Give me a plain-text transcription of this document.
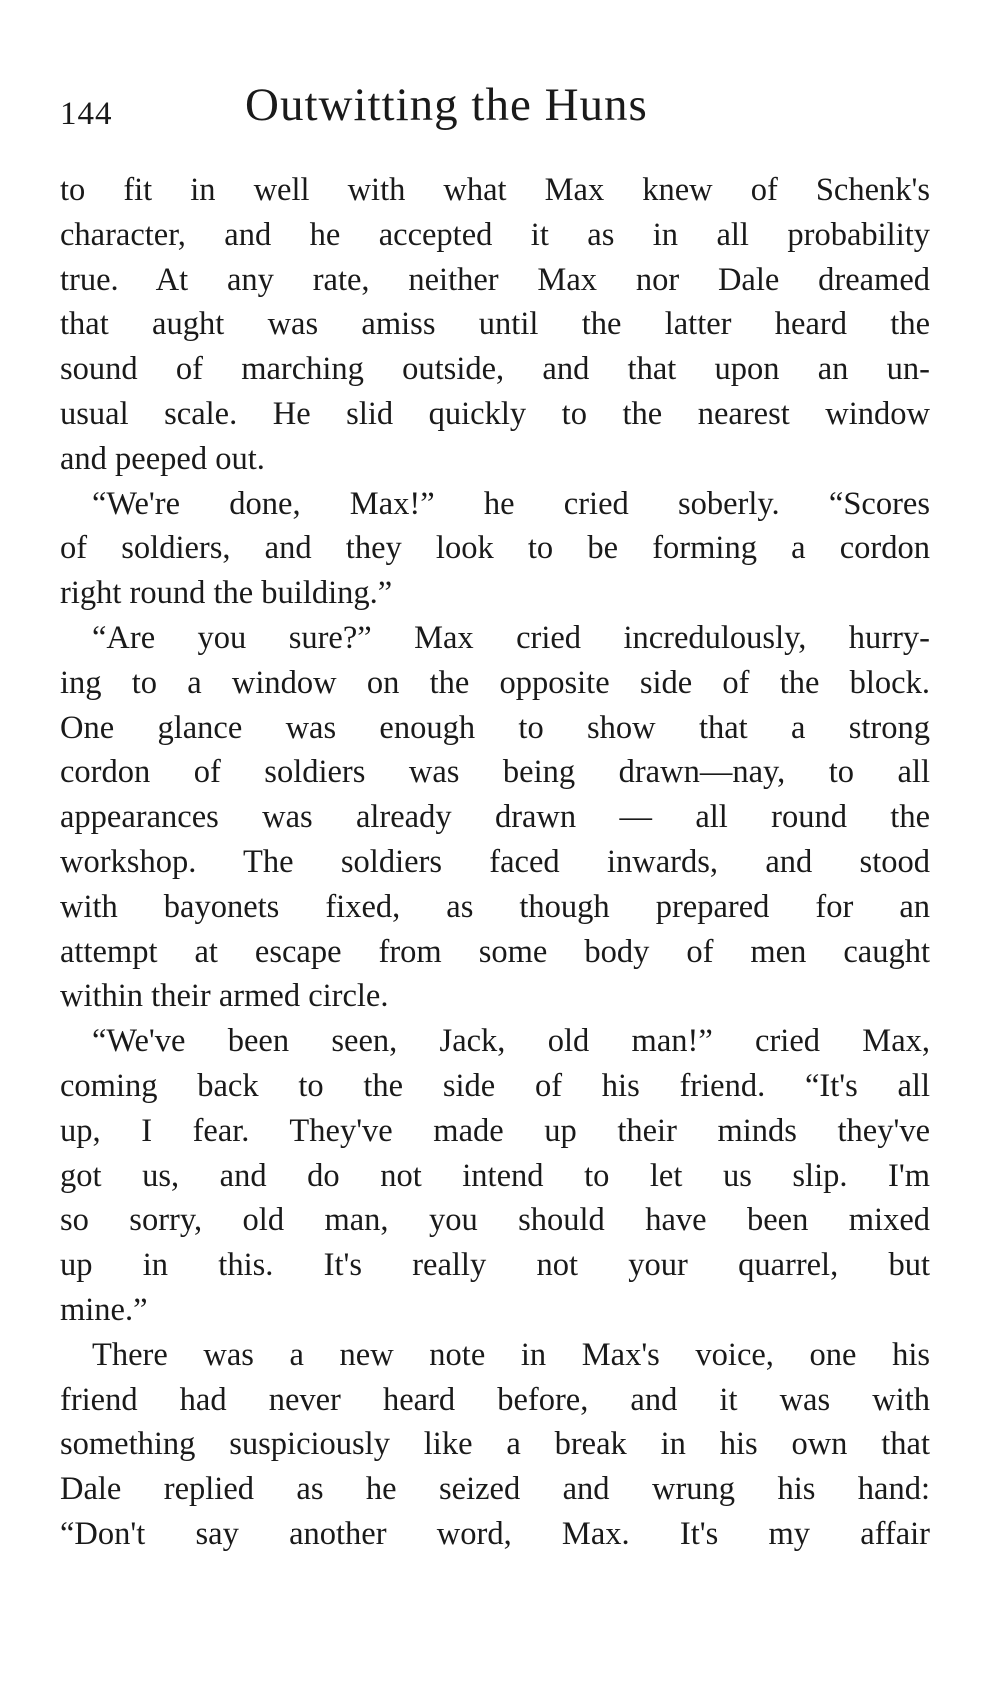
144	Outwitting the Huns
to fit in well with what Max knew of Schenk's
character, and he accepted it as in all probability
true. At any rate, neither Max nor Dale dreamed
that aught was amiss until the latter heard the
sound of marching outside, and that upon an un-
usual scale. He slid quickly to the nearest window
and peeped out.
“We're done, Max!” he cried soberly. “Scores
of soldiers, and they look to be forming a cordon
right round the building.”
“Are you sure?” Max cried incredulously, hurry-
ing to a window on the opposite side of the block.
One glance was enough to show that a strong
cordon of soldiers was being drawn—nay, to all
appearances was already drawn — all round the
workshop. The soldiers faced inwards, and stood
with bayonets fixed, as though prepared for an
attempt at escape from some body of men caught
within their armed circle.
“We've been seen, Jack, old man!” cried Max,
coming back to the side of his friend. “It's all
up, I fear. They've made up their minds they've
got us, and do not intend to let us slip. I'm
so sorry, old man, you should have been mixed
up in this. It's really not your quarrel, but
mine.”
There was a new note in Max's voice, one his
friend had never heard before, and it was with
something suspiciously like a break in his own that
Dale replied as he seized and wrung his hand:
“Don't say another word, Max. It's my affair
